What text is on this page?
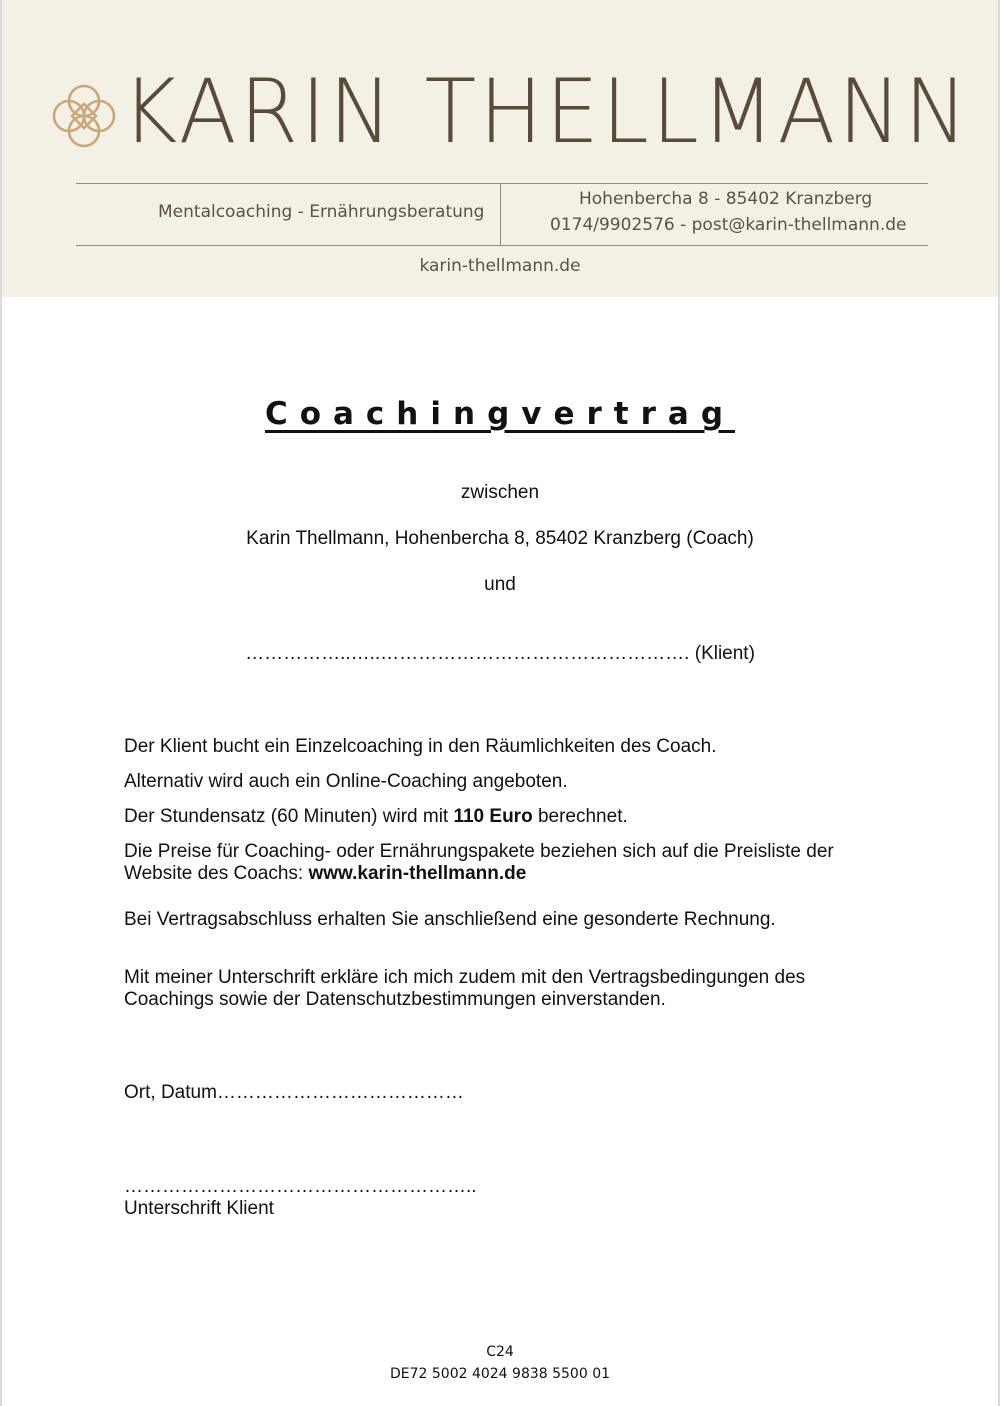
KARIN THELLMANN
Mentalcoaching - Ernährungsberatung
Hohenbercha 8 - 85402 Kranzberg
0174/9902576 - post@karin-thellmann.de
karin-thellmann.de
Coachingvertrag
zwischen
Karin Thellmann, Hohenbercha 8, 85402 Kranzberg (Coach)
und
……………..…..…………………………………………. (Klient)
Der Klient bucht ein Einzelcoaching in den Räumlichkeiten des Coach.
Alternativ wird auch ein Online-Coaching angeboten.
Der Stundensatz (60 Minuten) wird mit 110 Euro berechnet.
Die Preise für Coaching- oder Ernährungspakete beziehen sich auf die Preisliste der Website des Coachs: www.karin-thellmann.de
Bei Vertragsabschluss erhalten Sie anschließend eine gesonderte Rechnung.
Mit meiner Unterschrift erkläre ich mich zudem mit den Vertragsbedingungen des Coachings sowie der Datenschutzbestimmungen einverstanden.
Ort, Datum…………………………………
………………………………………………..
Unterschrift Klient
C24
DE72 5002 4024 9838 5500 01
